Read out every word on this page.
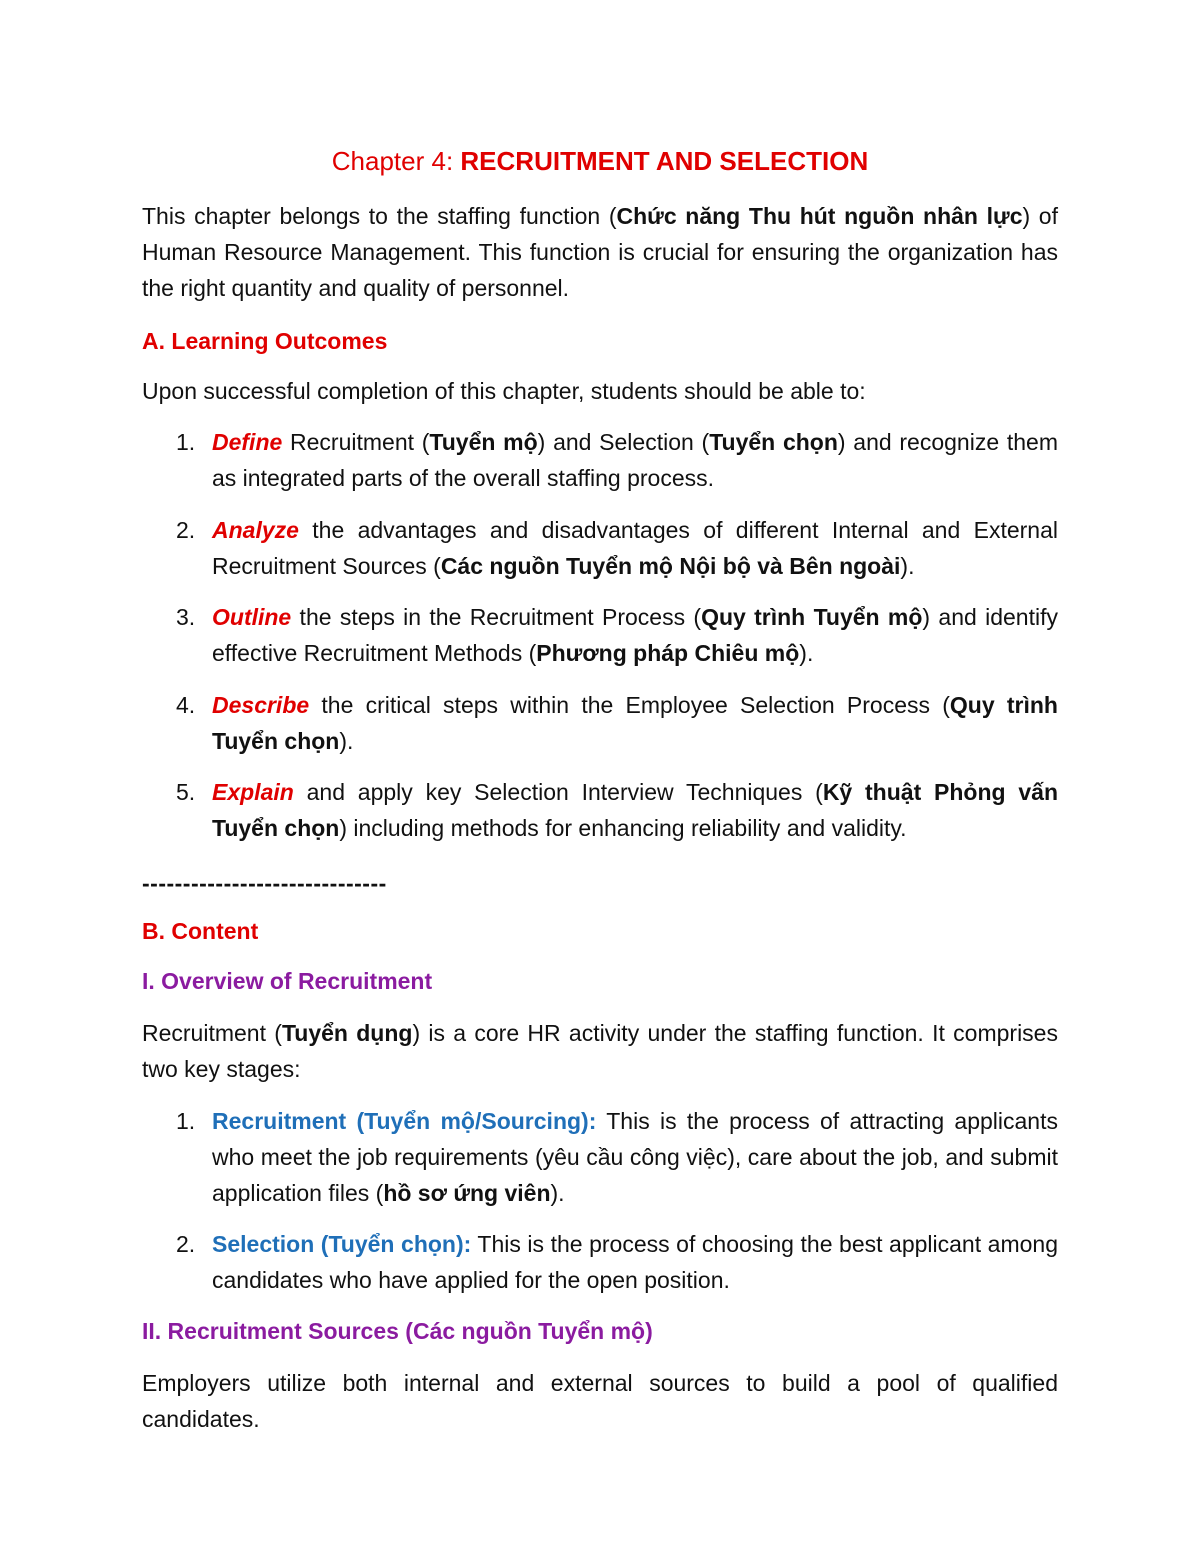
Chapter 4: RECRUITMENT AND SELECTION

This chapter belongs to the staffing function (Chức năng Thu hút nguồn nhân lực) of Human Resource Management. This function is crucial for ensuring the organization has the right quantity and quality of personnel.

A. Learning Outcomes

Upon successful completion of this chapter, students should be able to:

1. Define Recruitment (Tuyển mộ) and Selection (Tuyển chọn) and recognize them as integrated parts of the overall staffing process.
2. Analyze the advantages and disadvantages of different Internal and External Recruitment Sources (Các nguồn Tuyển mộ Nội bộ và Bên ngoài).
3. Outline the steps in the Recruitment Process (Quy trình Tuyển mộ) and identify effective Recruitment Methods (Phương pháp Chiêu mộ).
4. Describe the critical steps within the Employee Selection Process (Quy trình Tuyển chọn).
5. Explain and apply key Selection Interview Techniques (Kỹ thuật Phỏng vấn Tuyển chọn) including methods for enhancing reliability and validity.

------------------------------

B. Content

I. Overview of Recruitment

Recruitment (Tuyển dụng) is a core HR activity under the staffing function. It comprises two key stages:

1. Recruitment (Tuyển mộ/Sourcing): This is the process of attracting applicants who meet the job requirements (yêu cầu công việc), care about the job, and submit application files (hồ sơ ứng viên).
2. Selection (Tuyển chọn): This is the process of choosing the best applicant among candidates who have applied for the open position.

II. Recruitment Sources (Các nguồn Tuyển mộ)

Employers utilize both internal and external sources to build a pool of qualified candidates.
